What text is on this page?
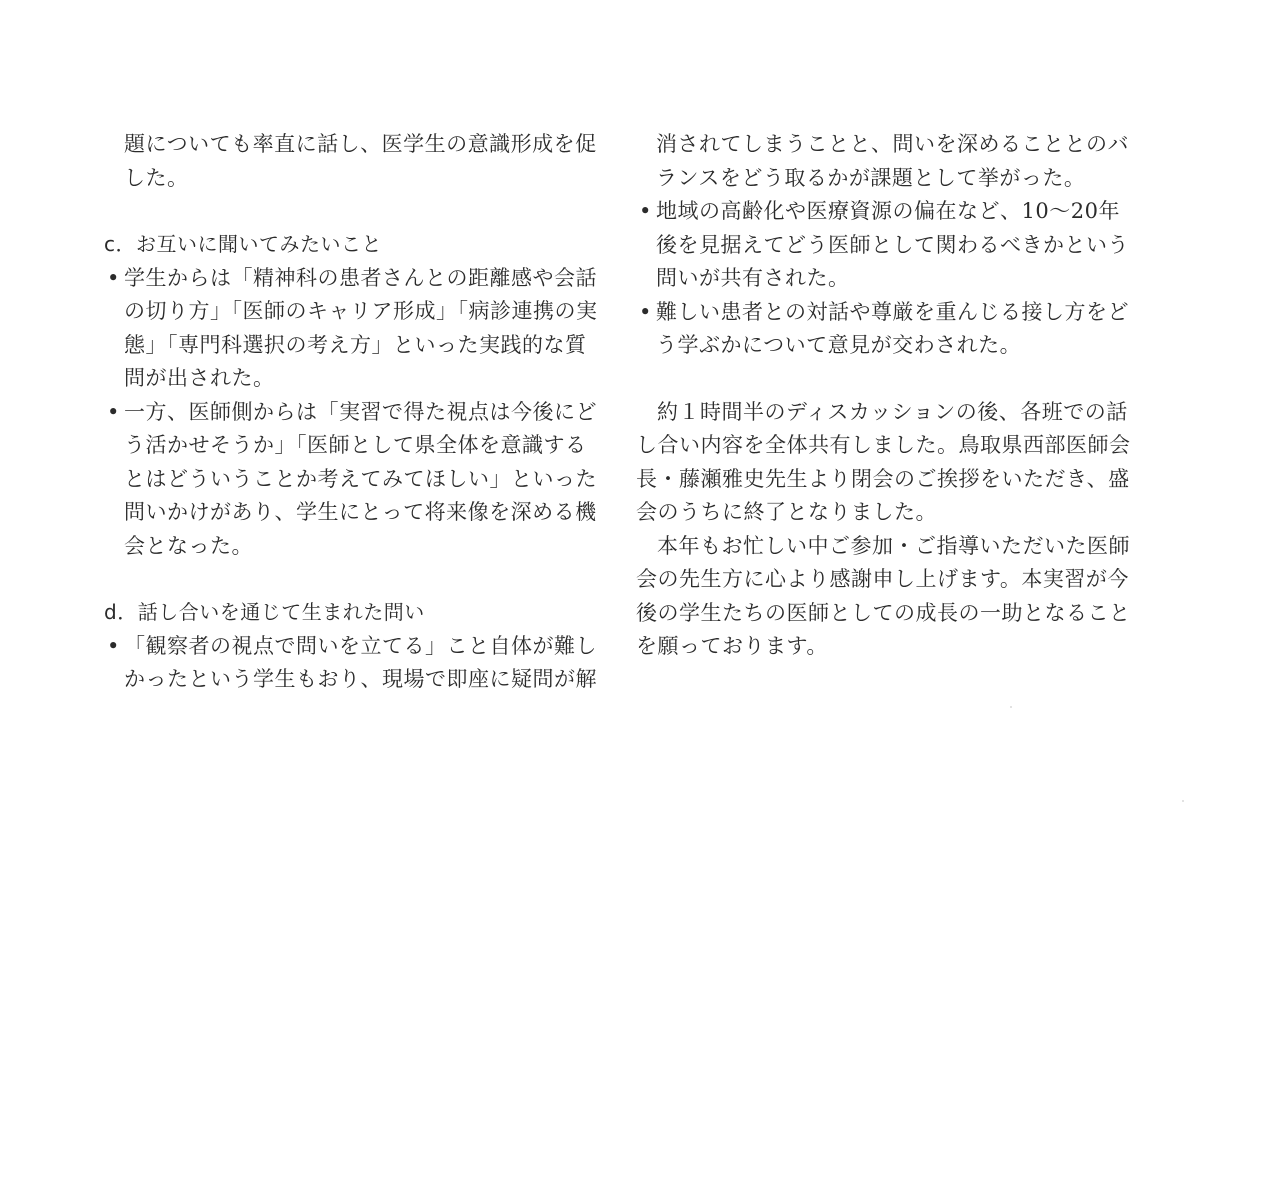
題についても率直に話し、医学生の意識形成を促
した。
c．お互いに聞いてみたいこと
• 学生からは「精神科の患者さんとの距離感や会話
の切り方」「医師のキャリア形成」「病診連携の実
態」「専門科選択の考え方」といった実践的な質
問が出された。
• 一方、医師側からは「実習で得た視点は今後にど
う活かせそうか」「医師として県全体を意識する
とはどういうことか考えてみてほしい」といった
問いかけがあり、学生にとって将来像を深める機
会となった。
d．話し合いを通じて生まれた問い
• 「観察者の視点で問いを立てる」こと自体が難し
かったという学生もおり、現場で即座に疑問が解
消されてしまうことと、問いを深めることとのバ
ランスをどう取るかが課題として挙がった。
• 地域の高齢化や医療資源の偏在など、10〜20年
後を見据えてどう医師として関わるべきかという
問いが共有された。
• 難しい患者との対話や尊厳を重んじる接し方をど
う学ぶかについて意見が交わされた。
約１時間半のディスカッションの後、各班での話
し合い内容を全体共有しました。鳥取県西部医師会
長・藤瀬雅史先生より閉会のご挨拶をいただき、盛
会のうちに終了となりました。
本年もお忙しい中ご参加・ご指導いただいた医師
会の先生方に心より感謝申し上げます。本実習が今
後の学生たちの医師としての成長の一助となること
を願っております。
